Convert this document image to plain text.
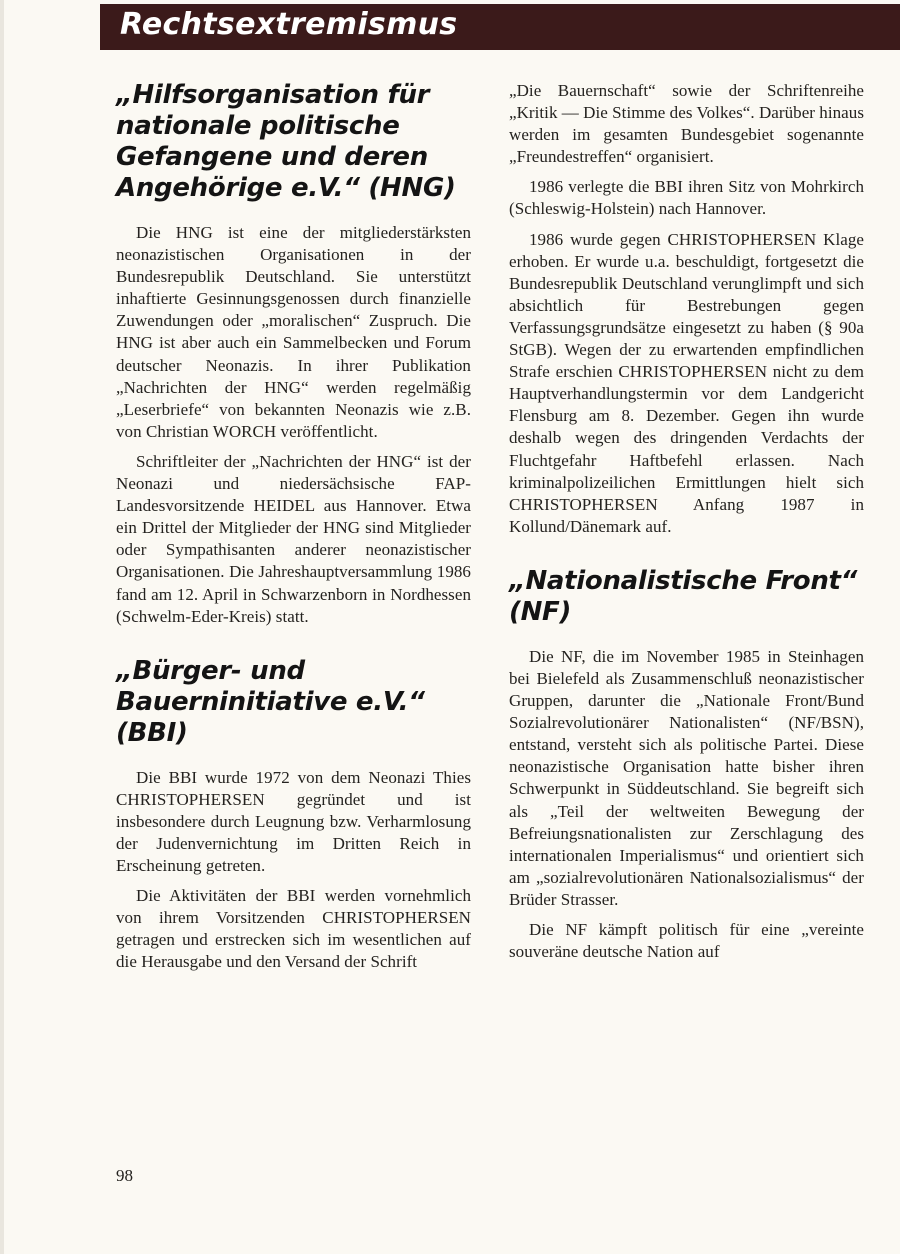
Rechtsextremismus
„Hilfsorganisation für nationale politische Gefangene und deren Angehörige e.V.“ (HNG)

Die HNG ist eine der mitgliederstärksten neonazistischen Organisationen in der Bundesrepublik Deutschland. Sie unterstützt inhaftierte Gesinnungsgenossen durch finanzielle Zuwendungen oder „moralischen“ Zuspruch. Die HNG ist aber auch ein Sammelbecken und Forum deutscher Neonazis. In ihrer Publikation „Nachrichten der HNG“ werden regelmäßig „Leserbriefe“ von bekannten Neonazis wie z.B. von Christian WORCH veröffentlicht.

Schriftleiter der „Nachrichten der HNG“ ist der Neonazi und niedersächsische FAP-Landesvorsitzende HEIDEL aus Hannover. Etwa ein Drittel der Mitglieder der HNG sind Mitglieder oder Sympathisanten anderer neonazistischer Organisationen. Die Jahreshauptversammlung 1986 fand am 12. April in Schwarzenborn in Nordhessen (Schwelm-Eder-Kreis) statt.

„Bürger- und Bauerninitiative e.V.“ (BBI)

Die BBI wurde 1972 von dem Neonazi Thies CHRISTOPHERSEN gegründet und ist insbesondere durch Leugnung bzw. Verharmlosung der Judenvernichtung im Dritten Reich in Erscheinung getreten.

Die Aktivitäten der BBI werden vornehmlich von ihrem Vorsitzenden CHRISTOPHERSEN getragen und erstrecken sich im wesentlichen auf die Herausgabe und den Versand der Schrift

„Die Bauernschaft“ sowie der Schriftenreihe „Kritik — Die Stimme des Volkes“. Darüber hinaus werden im gesamten Bundesgebiet sogenannte „Freundestreffen“ organisiert.

1986 verlegte die BBI ihren Sitz von Mohrkirch (Schleswig-Holstein) nach Hannover.

1986 wurde gegen CHRISTOPHERSEN Klage erhoben. Er wurde u.a. beschuldigt, fortgesetzt die Bundesrepublik Deutschland verunglimpft und sich absichtlich für Bestrebungen gegen Verfassungsgrundsätze eingesetzt zu haben (§ 90a StGB). Wegen der zu erwartenden empfindlichen Strafe erschien CHRISTOPHERSEN nicht zu dem Hauptverhandlungstermin vor dem Landgericht Flensburg am 8. Dezember. Gegen ihn wurde deshalb wegen des dringenden Verdachts der Fluchtgefahr Haftbefehl erlassen. Nach kriminalpolizeilichen Ermittlungen hielt sich CHRISTOPHERSEN Anfang 1987 in Kollund/Dänemark auf.

„Nationalistische Front“ (NF)

Die NF, die im November 1985 in Steinhagen bei Bielefeld als Zusammenschluß neonazistischer Gruppen, darunter die „Nationale Front/Bund Sozialrevolutionärer Nationalisten“ (NF/BSN), entstand, versteht sich als politische Partei. Diese neonazistische Organisation hatte bisher ihren Schwerpunkt in Süddeutschland. Sie begreift sich als „Teil der weltweiten Bewegung der Befreiungsnationalisten zur Zerschlagung des internationalen Imperialismus“ und orientiert sich am „sozialrevolutionären Nationalsozialismus“ der Brüder Strasser.

Die NF kämpft politisch für eine „vereinte souveräne deutsche Nation auf

98
